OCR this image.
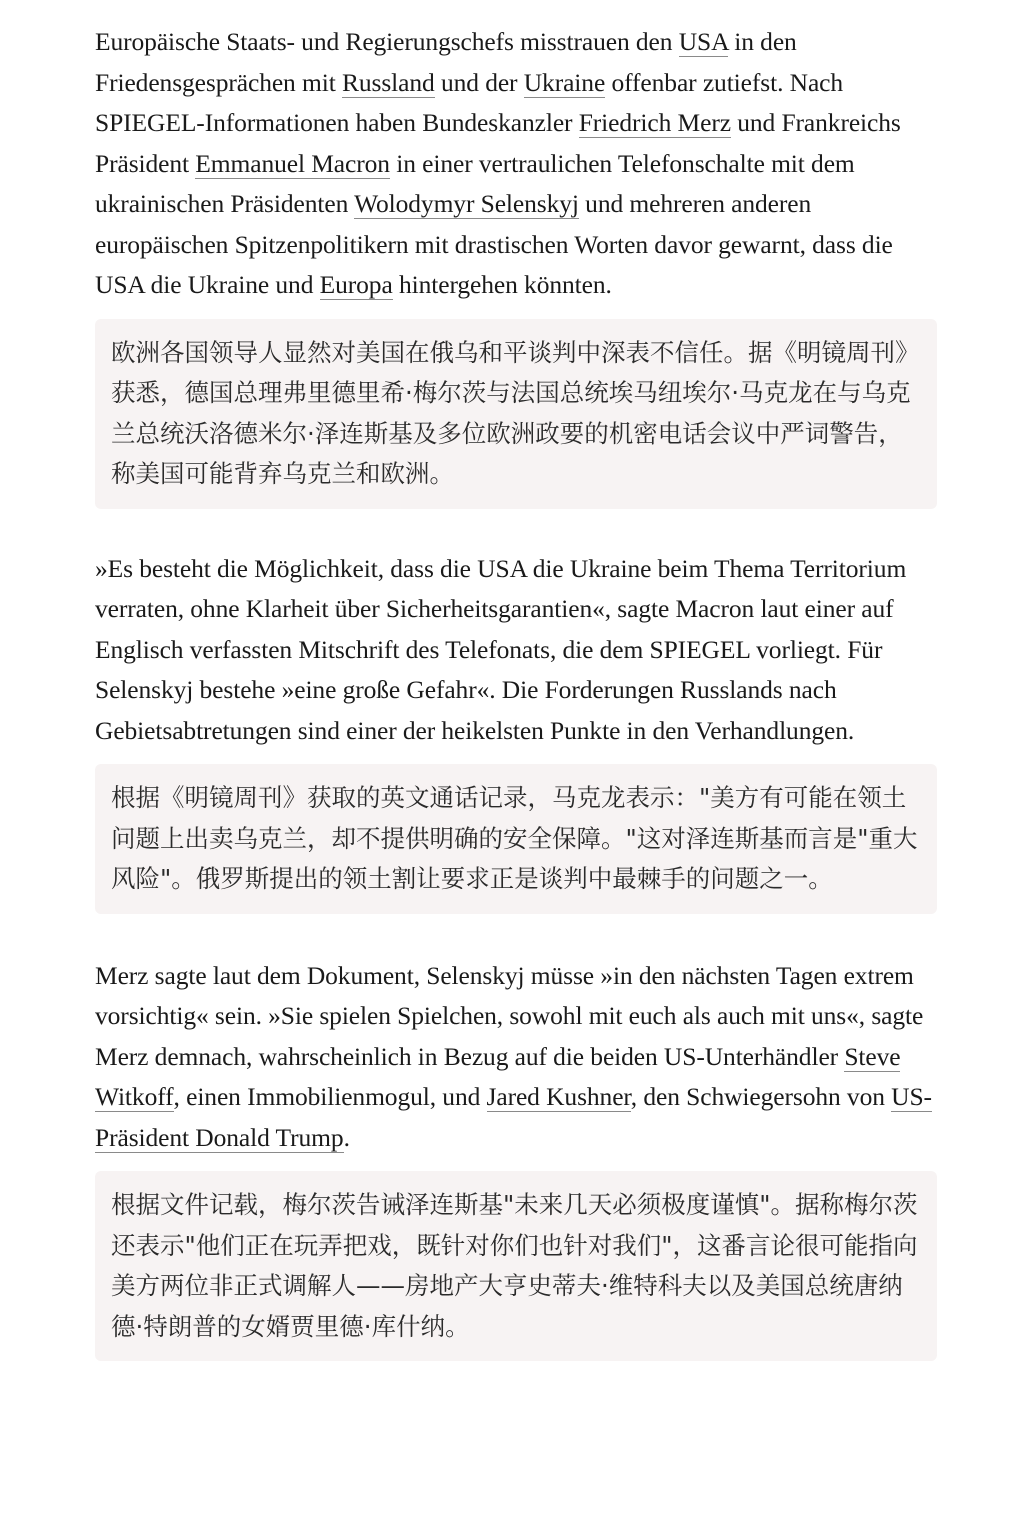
Europäische Staats- und Regierungschefs misstrauen den USA in den Friedensgesprächen mit Russland und der Ukraine offenbar zutiefst. Nach SPIEGEL-Informationen haben Bundeskanzler Friedrich Merz und Frankreichs Präsident Emmanuel Macron in einer vertraulichen Telefonschalte mit dem ukrainischen Präsidenten Wolodymyr Selenskyj und mehreren anderen europäischen Spitzenpolitikern mit drastischen Worten davor gewarnt, dass die USA die Ukraine und Europa hintergehen könnten.

欧洲各国领导人显然对美国在俄乌和平谈判中深表不信任。据《明镜周刊》获悉，德国总理弗里德里希·梅尔茨与法国总统埃马纽埃尔·马克龙在与乌克兰总统沃洛德米尔·泽连斯基及多位欧洲政要的机密电话会议中严词警告，称美国可能背弃乌克兰和欧洲。

»Es besteht die Möglichkeit, dass die USA die Ukraine beim Thema Territorium verraten, ohne Klarheit über Sicherheitsgarantien«, sagte Macron laut einer auf Englisch verfassten Mitschrift des Telefonats, die dem SPIEGEL vorliegt. Für Selenskyj bestehe »eine große Gefahr«. Die Forderungen Russlands nach Gebietsabtretungen sind einer der heikelsten Punkte in den Verhandlungen.

根据《明镜周刊》获取的英文通话记录，马克龙表示："美方有可能在领土问题上出卖乌克兰，却不提供明确的安全保障。"这对泽连斯基而言是"重大风险"。俄罗斯提出的领土割让要求正是谈判中最棘手的问题之一。

Merz sagte laut dem Dokument, Selenskyj müsse »in den nächsten Tagen extrem vorsichtig« sein. »Sie spielen Spielchen, sowohl mit euch als auch mit uns«, sagte Merz demnach, wahrscheinlich in Bezug auf die beiden US-Unterhändler Steve Witkoff, einen Immobilienmogul, und Jared Kushner, den Schwiegersohn von US-Präsident Donald Trump.

根据文件记载，梅尔茨告诫泽连斯基"未来几天必须极度谨慎"。据称梅尔茨还表示"他们正在玩弄把戏，既针对你们也针对我们"，这番言论很可能指向美方两位非正式调解人——房地产大亨史蒂夫·维特科夫以及美国总统唐纳德·特朗普的女婿贾里德·库什纳。
